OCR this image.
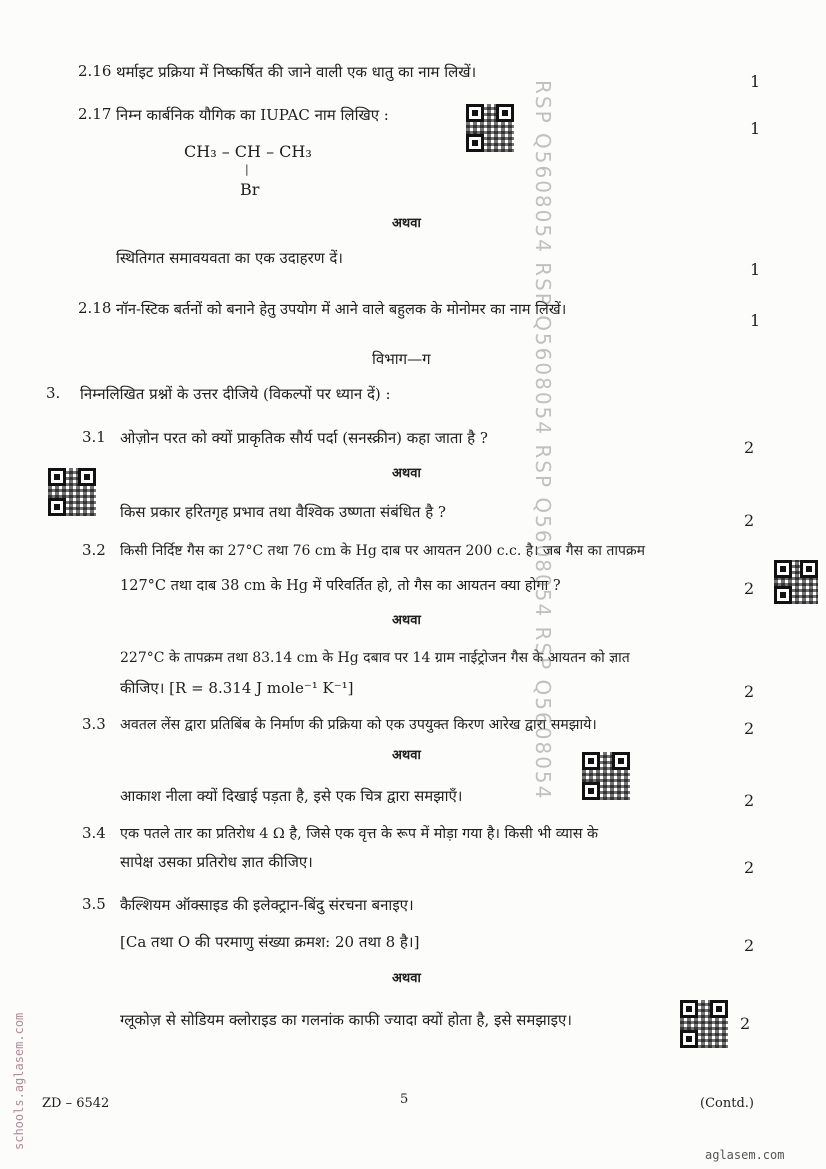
2.16 थर्माइट प्रक्रिया में निष्कर्षित की जाने वाली एक धातु का नाम लिखें।	1
2.17 निम्न कार्बनिक यौगिक का IUPAC नाम लिखिए :
1
CH₃ – CH – CH₃
|
Br
अथवा
स्थितिगत समावयवता का एक उदाहरण दें।
1
2.18 नॉन-स्टिक बर्तनों को बनाने हेतु उपयोग में आने वाले बहुलक के मोनोमर का नाम लिखें।
1
विभाग—ग
3. निम्नलिखित प्रश्नों के उत्तर दीजिये (विकल्पों पर ध्यान दें) :
3.1 ओज़ोन परत को क्यों प्राकृतिक सौर्य पर्दा (सनस्क्रीन) कहा जाता है ?	2
अथवा
किस प्रकार हरितगृह प्रभाव तथा वैश्विक उष्णता संबंधित है ?	2
3.2 किसी निर्दिष्ट गैस का 27°C तथा 76 cm के Hg दाब पर आयतन 200 c.c. है। जब गैस का तापक्रम
127°C तथा दाब 38 cm के Hg में परिवर्तित हो, तो गैस का आयतन क्या होगा ?	2
अथवा
227°C के तापक्रम तथा 83.14 cm के Hg दबाव पर 14 ग्राम नाईट्रोजन गैस के आयतन को ज्ञात
कीजिए। [R = 8.314 J mole⁻¹ K⁻¹]	2
3.3 अवतल लेंस द्वारा प्रतिबिंब के निर्माण की प्रक्रिया को एक उपयुक्त किरण आरेख द्वारा समझाये।	2
अथवा
आकाश नीला क्यों दिखाई पड़ता है, इसे एक चित्र द्वारा समझाएँ।	2
3.4 एक पतले तार का प्रतिरोध 4 Ω है, जिसे एक वृत्त के रूप में मोड़ा गया है। किसी भी व्यास के
सापेक्ष उसका प्रतिरोध ज्ञात कीजिए।	2
3.5 कैल्शियम ऑक्साइड की इलेक्ट्रान-बिंदु संरचना बनाइए।
[Ca तथा O की परमाणु संख्या क्रमश: 20 तथा 8 है।]	2
अथवा
ग्लूकोज़ से सोडियम क्लोराइड का गलनांक काफी ज्यादा क्यों होता है, इसे समझाइए।	2
ZD – 6542	5	(Contd.)
aglasem.com
RSP Q5608054 RSP Q5608054 RSP Q5608054 RSP Q5608054
schools.aglasem.com
